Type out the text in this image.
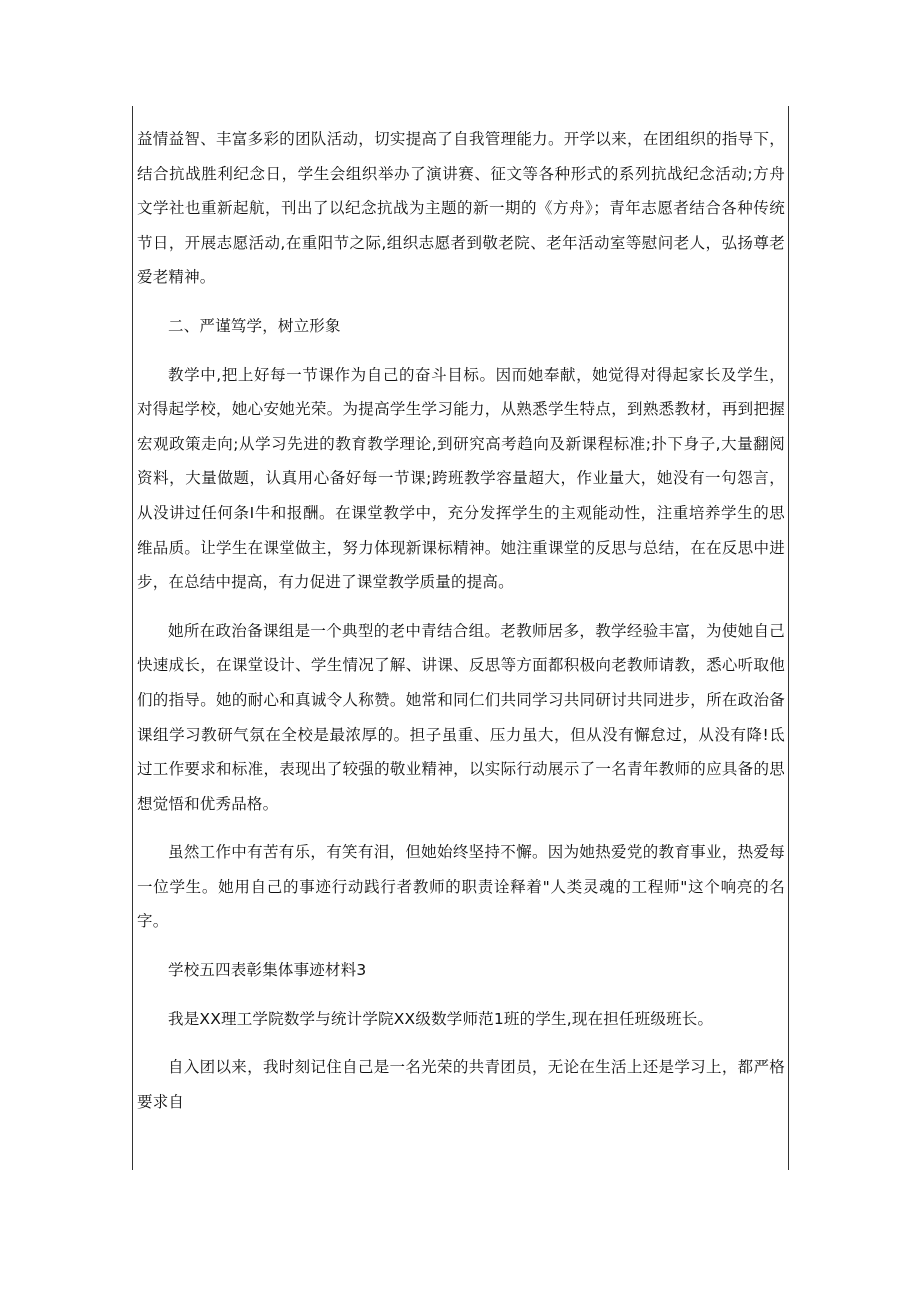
益情益智、丰富多彩的团队活动，切实提高了自我管理能力。开学以来，在团组织的指导下，结合抗战胜利纪念日，学生会组织举办了演讲赛、征文等各种形式的系列抗战纪念活动;方舟文学社也重新起航，刊出了以纪念抗战为主题的新一期的《方舟》；青年志愿者结合各种传统节日，开展志愿活动,在重阳节之际,组织志愿者到敬老院、老年活动室等慰问老人，弘扬尊老爱老精神。

二、严谨笃学，树立形象

教学中,把上好每一节课作为自己的奋斗目标。因而她奉献，她觉得对得起家长及学生，对得起学校，她心安她光荣。为提高学生学习能力，从熟悉学生特点，到熟悉教材，再到把握宏观政策走向;从学习先进的教育教学理论,到研究高考趋向及新课程标准;扑下身子,大量翻阅资料，大量做题，认真用心备好每一节课;跨班教学容量超大，作业量大，她没有一句怨言，从没讲过任何条I牛和报酬。在课堂教学中，充分发挥学生的主观能动性，注重培养学生的思维品质。让学生在课堂做主，努力体现新课标精神。她注重课堂的反思与总结，在在反思中进步，在总结中提高，有力促进了课堂教学质量的提高。

她所在政治备课组是一个典型的老中青结合组。老教师居多，教学经验丰富，为使她自己快速成长，在课堂设计、学生情况了解、讲课、反思等方面都积极向老教师请教，悉心听取他们的指导。她的耐心和真诚令人称赞。她常和同仁们共同学习共同研讨共同进步，所在政治备课组学习教研气氛在全校是最浓厚的。担子虽重、压力虽大，但从没有懈怠过，从没有降!氐过工作要求和标准，表现出了较强的敬业精神，以实际行动展示了一名青年教师的应具备的思想觉悟和优秀品格。

虽然工作中有苦有乐，有笑有泪，但她始终坚持不懈。因为她热爱党的教育事业，热爱每一位学生。她用自己的事迹行动践行者教师的职责诠释着"人类灵魂的工程师"这个响亮的名字。

学校五四表彰集体事迹材料3

我是XX理工学院数学与统计学院XX级数学师范1班的学生,现在担任班级班长。

自入团以来，我时刻记住自己是一名光荣的共青团员，无论在生活上还是学习上，都严格要求自
